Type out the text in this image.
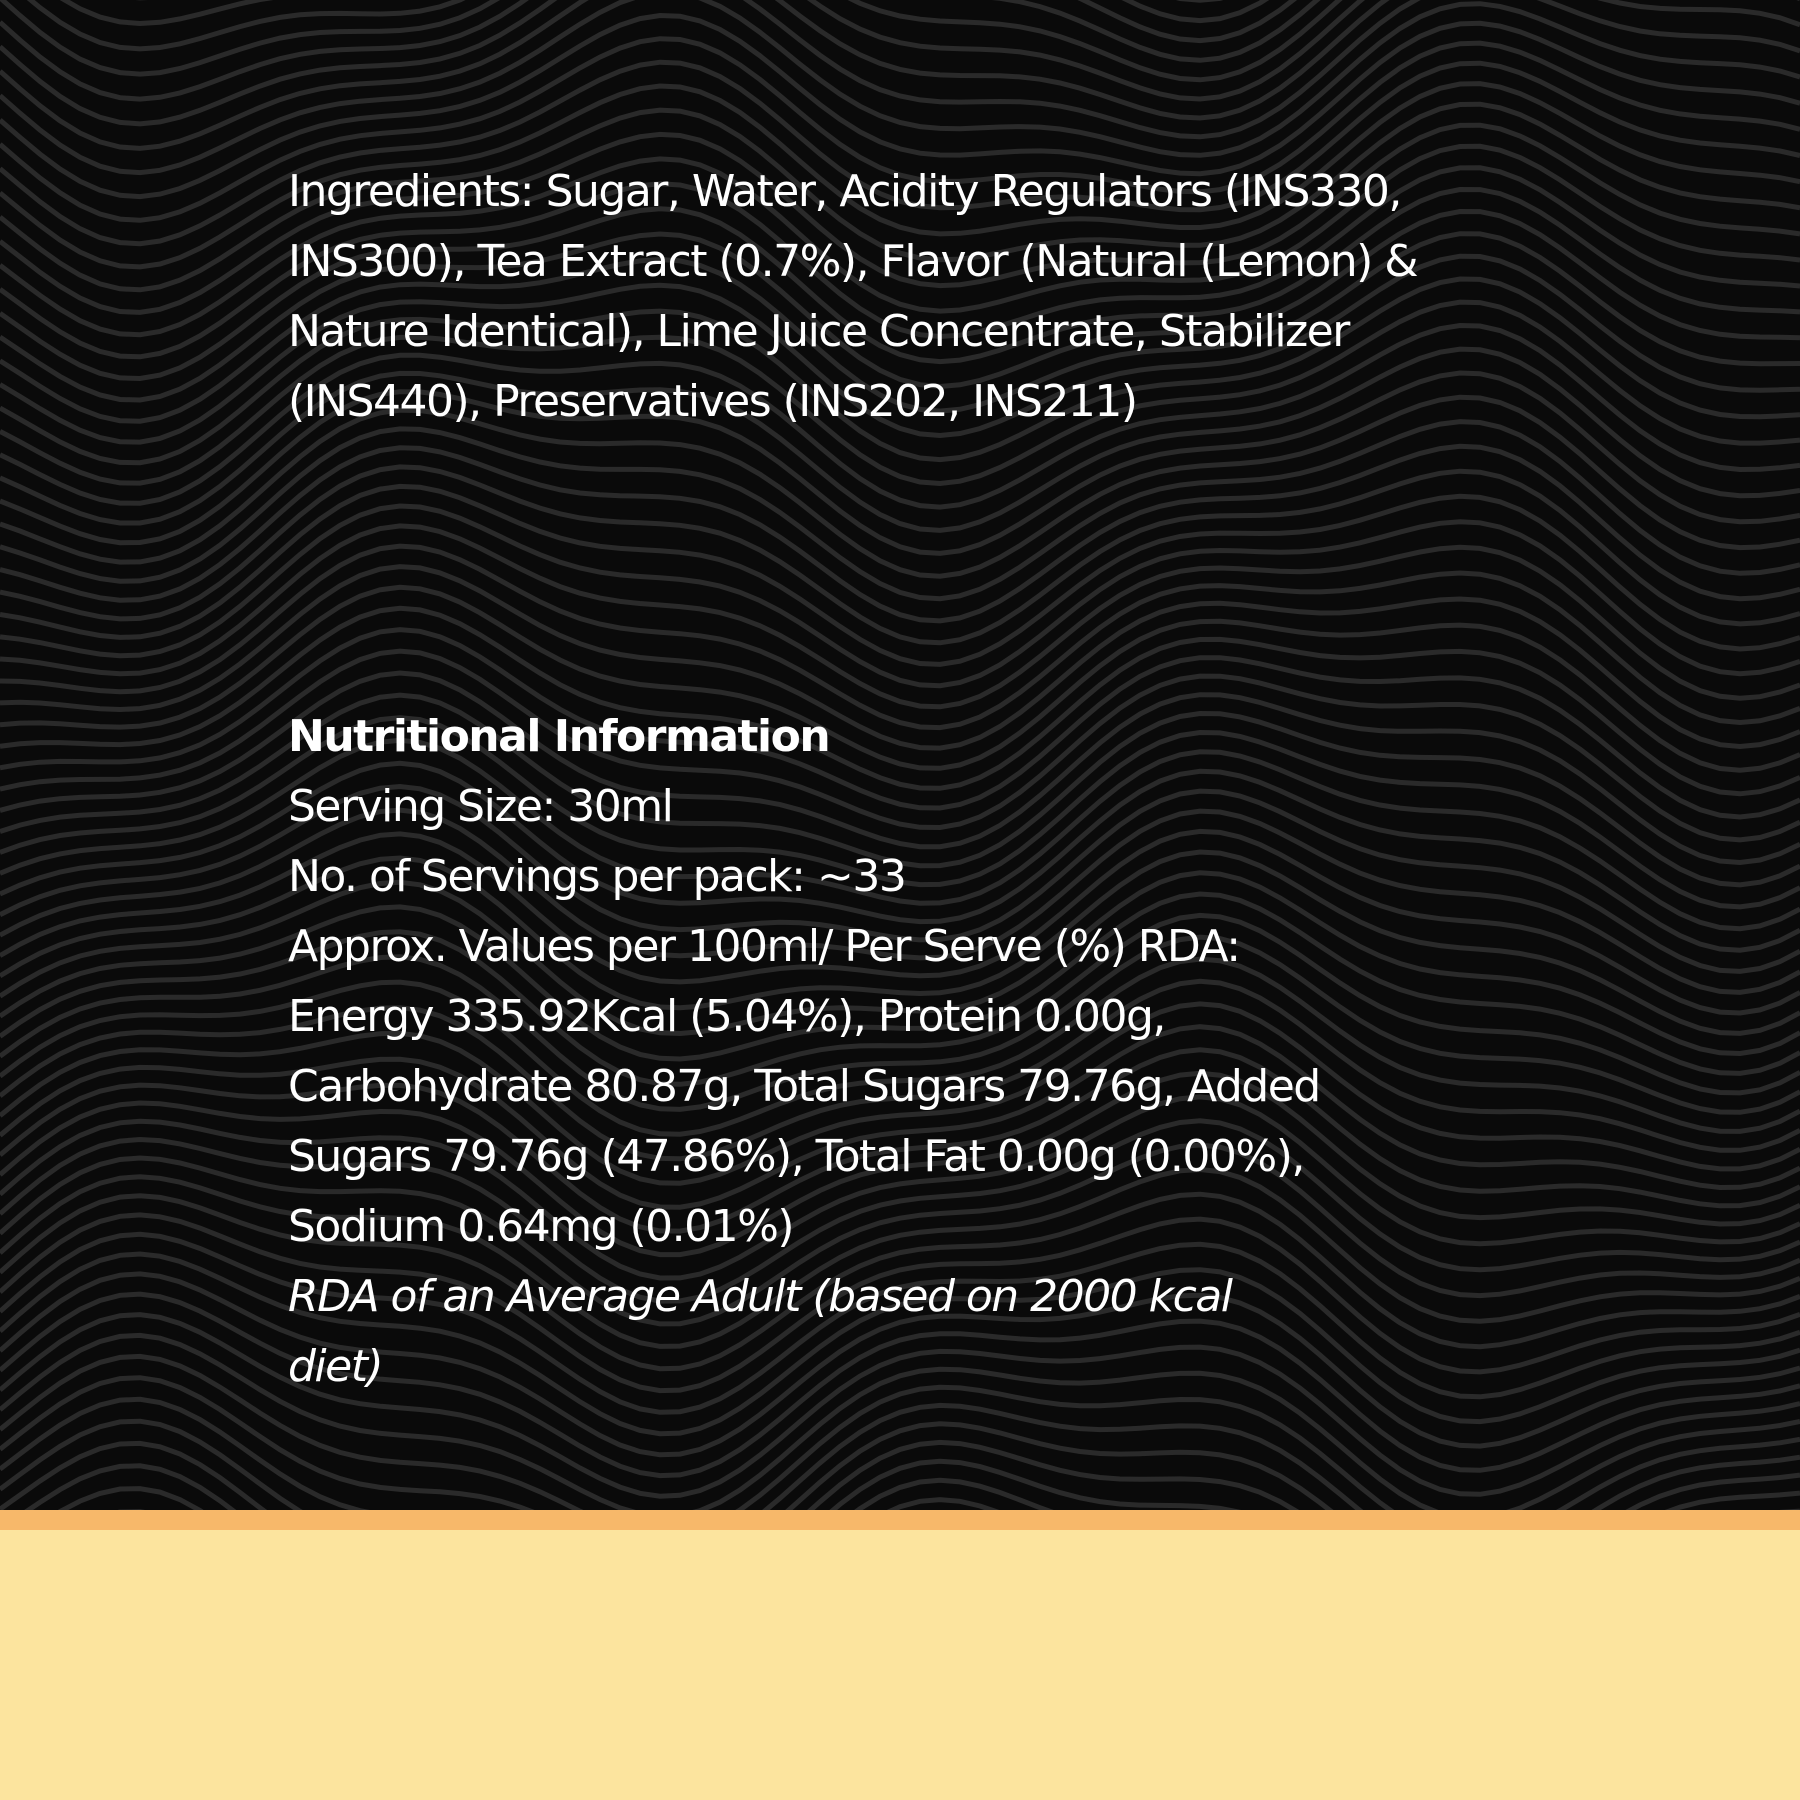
Ingredients: Sugar, Water, Acidity Regulators (INS330, INS300), Tea Extract (0.7%), Flavor (Natural (Lemon) & Nature Identical), Lime Juice Concentrate, Stabilizer (INS440), Preservatives (INS202, INS211)
Nutritional Information
Serving Size: 30ml
No. of Servings per pack: ~33
Approx. Values per 100ml/ Per Serve (%) RDA:
Energy 335.92Kcal (5.04%), Protein 0.00g, Carbohydrate 80.87g, Total Sugars 79.76g, Added Sugars 79.76g (47.86%), Total Fat 0.00g (0.00%), Sodium 0.64mg (0.01%)
RDA of an Average Adult (based on 2000 kcal diet)
